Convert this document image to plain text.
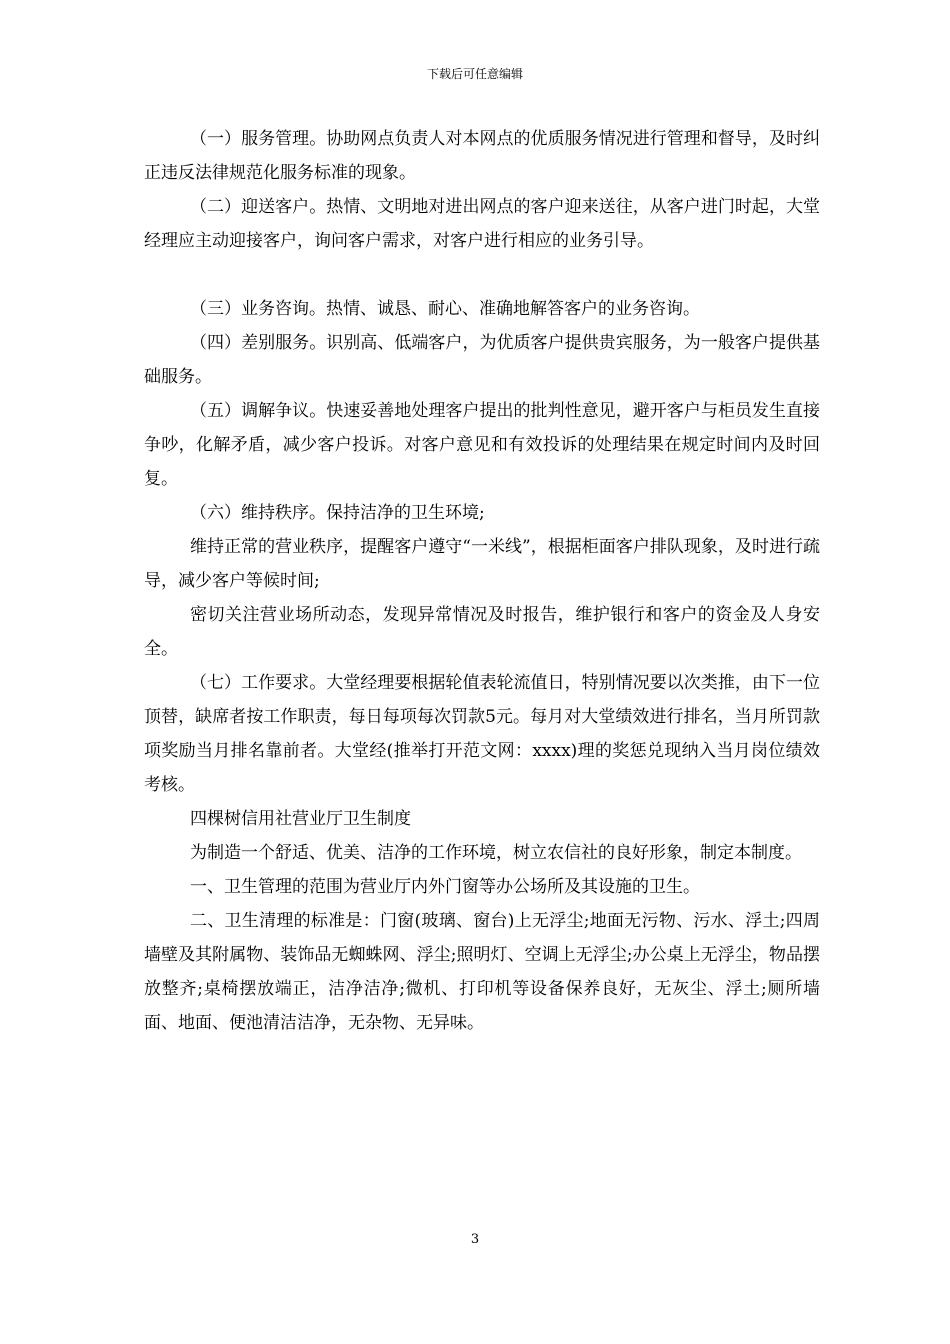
下载后可任意编辑

（一）服务管理。协助网点负责人对本网点的优质服务情况进行管理和督导，及时纠正违反法律规范化服务标准的现象。

（二）迎送客户。热情、文明地对进出网点的客户迎来送往，从客户进门时起，大堂经理应主动迎接客户，询问客户需求，对客户进行相应的业务引导。

（三）业务咨询。热情、诚恳、耐心、准确地解答客户的业务咨询。

（四）差别服务。识别高、低端客户，为优质客户提供贵宾服务，为一般客户提供基础服务。

（五）调解争议。快速妥善地处理客户提出的批判性意见，避开客户与柜员发生直接争吵，化解矛盾，减少客户投诉。对客户意见和有效投诉的处理结果在规定时间内及时回复。

（六）维持秩序。保持洁净的卫生环境;

维持正常的营业秩序，提醒客户遵守“一米线”，根据柜面客户排队现象，及时进行疏导，减少客户等候时间;

密切关注营业场所动态，发现异常情况及时报告，维护银行和客户的资金及人身安全。

（七）工作要求。大堂经理要根据轮值表轮流值日，特别情况要以次类推，由下一位顶替，缺席者按工作职责，每日每项每次罚款5元。每月对大堂绩效进行排名，当月所罚款项奖励当月排名靠前者。大堂经(推举打开范文网：xxxx)理的奖惩兑现纳入当月岗位绩效考核。

四棵树信用社营业厅卫生制度

为制造一个舒适、优美、洁净的工作环境，树立农信社的良好形象，制定本制度。

一、卫生管理的范围为营业厅内外门窗等办公场所及其设施的卫生。

二、卫生清理的标准是：门窗(玻璃、窗台)上无浮尘;地面无污物、污水、浮土;四周墙壁及其附属物、装饰品无蜘蛛网、浮尘;照明灯、空调上无浮尘;办公桌上无浮尘，物品摆放整齐;桌椅摆放端正，洁净洁净;微机、打印机等设备保养良好，无灰尘、浮土;厕所墙面、地面、便池清洁洁净，无杂物、无异味。

3
